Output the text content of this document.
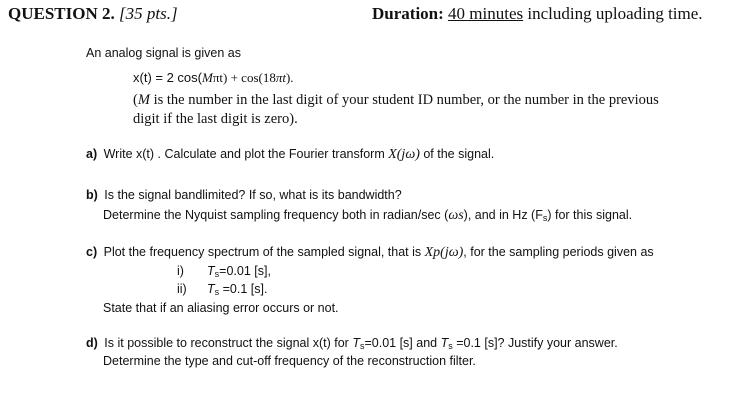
QUESTION 2. [35 pts.]	Duration: 40 minutes including uploading time.
An analog signal is given as
x(t) = 2 cos(Mπt) + cos(18πt).
(M is the number in the last digit of your student ID number, or the number in the previous
digit if the last digit is zero).
a) Write x(t) . Calculate and plot the Fourier transform X(jω) of the signal.
b) Is the signal bandlimited? If so, what is its bandwidth?
Determine the Nyquist sampling frequency both in radian/sec (ωs), and in Hz $(F_s)$ for this signal.
c) Plot the frequency spectrum of the sampled signal, that is Xp(jω), for the sampling periods given as
i) $T_s=0.01$ [s],
ii) $T_s =0.1$ [s].
State that if an aliasing error occurs or not.
d) Is it possible to reconstruct the signal x(t) for $T_s=0.01$ [s] and $T_s =0.1$ [s]? Justify your answer.
Determine the type and cut-off frequency of the reconstruction filter.
